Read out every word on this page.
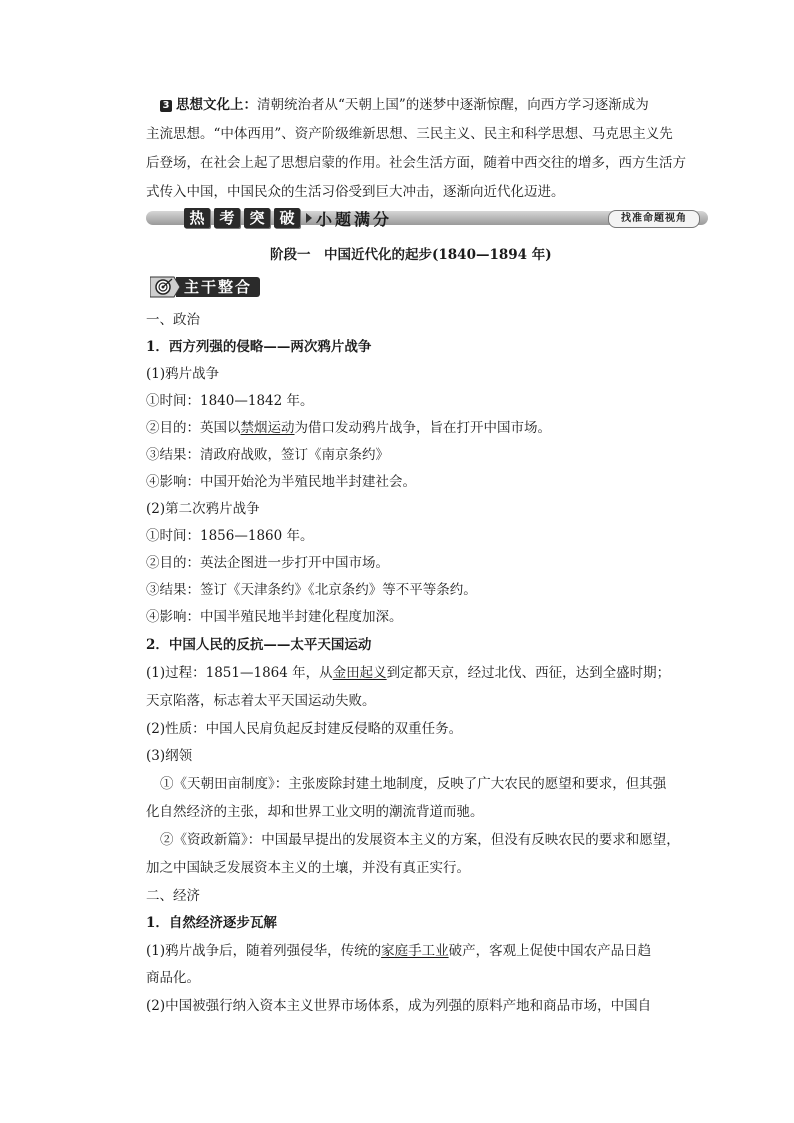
3 思想文化上：清朝统治者从“天朝上国”的迷梦中逐渐惊醒，向西方学习逐渐成为
主流思想。“中体西用”、资产阶级维新思想、三民主义、民主和科学思想、马克思主义先
后登场，在社会上起了思想启蒙的作用。社会生活方面，随着中西交往的增多，西方生活方
式传入中国，中国民众的生活习俗受到巨大冲击，逐渐向近代化迈进。
热 考 突 破	小题满分	找准命题视角
阶段一　中国近代化的起步(1840—1894 年)
主干整合
一、政治
1．西方列强的侵略——两次鸦片战争
(1)鸦片战争
①时间：1840—1842 年。
②目的：英国以禁烟运动为借口发动鸦片战争，旨在打开中国市场。
③结果：清政府战败，签订《南京条约》
④影响：中国开始沦为半殖民地半封建社会。
(2)第二次鸦片战争
①时间：1856—1860 年。
②目的：英法企图进一步打开中国市场。
③结果：签订《天津条约》《北京条约》等不平等条约。
④影响：中国半殖民地半封建化程度加深。
2．中国人民的反抗——太平天国运动
(1)过程：1851—1864 年，从金田起义到定都天京，经过北伐、西征，达到全盛时期；
天京陷落，标志着太平天国运动失败。
(2)性质：中国人民肩负起反封建反侵略的双重任务。
(3)纲领
①《天朝田亩制度》：主张废除封建土地制度，反映了广大农民的愿望和要求，但其强
化自然经济的主张，却和世界工业文明的潮流背道而驰。
②《资政新篇》：中国最早提出的发展资本主义的方案，但没有反映农民的要求和愿望，
加之中国缺乏发展资本主义的土壤，并没有真正实行。
二、经济
1．自然经济逐步瓦解
(1)鸦片战争后，随着列强侵华，传统的家庭手工业破产，客观上促使中国农产品日趋
商品化。
(2)中国被强行纳入资本主义世界市场体系，成为列强的原料产地和商品市场，中国自
